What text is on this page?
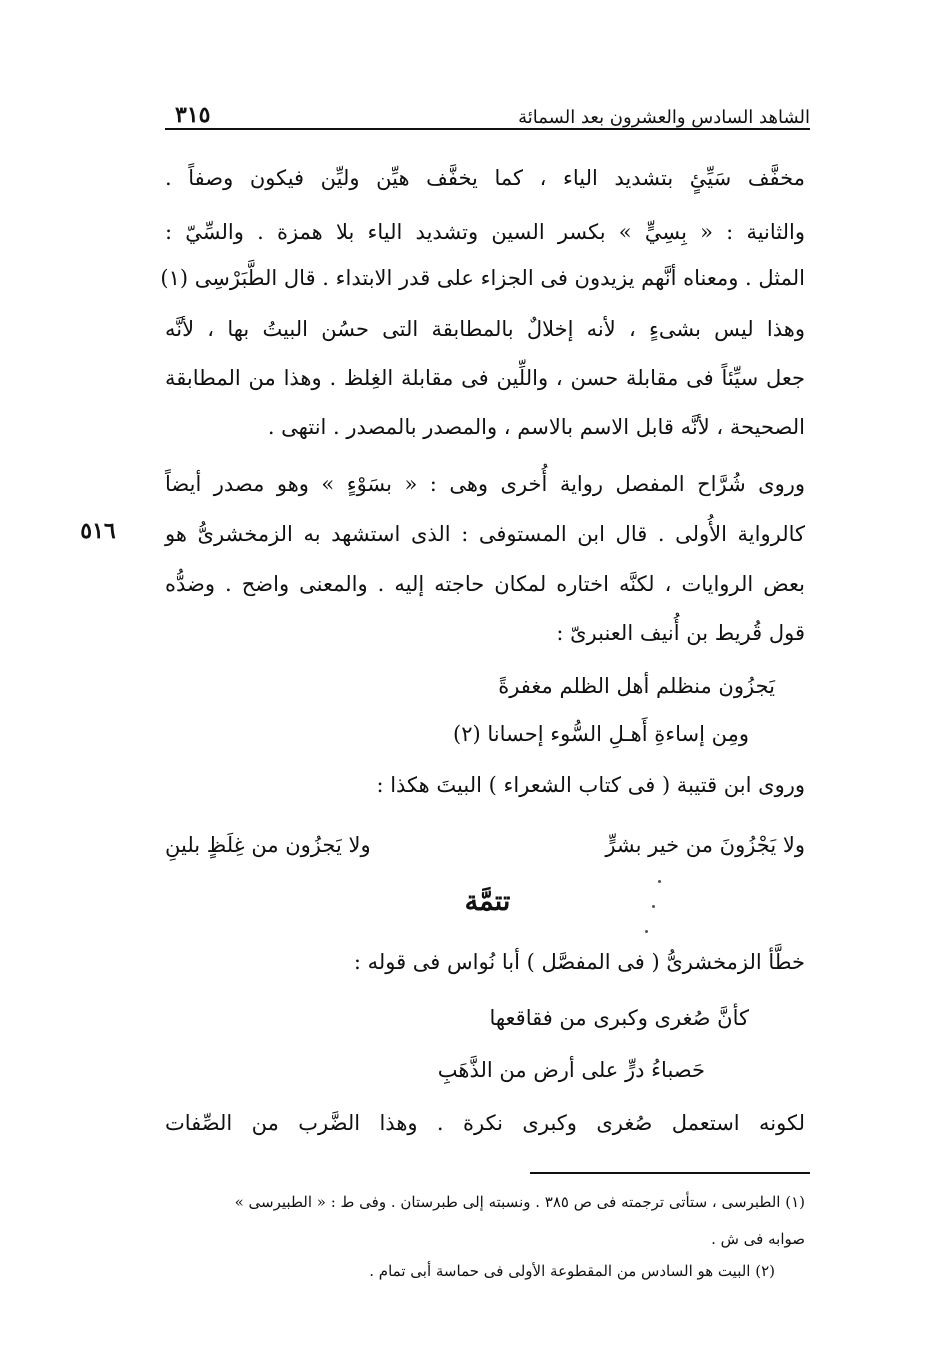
الشاهد السادس والعشرون بعد السمائة
٣١٥
٥١٦
مخفَّف سَيِّئٍ بتشديد الياء ، كما يخفَّف هيِّن وليِّن فيكون وصفاً .
والثانية : « بِسِيٍّ » بكسر السين وتشديد الياء بلا همزة . والسِّيّ :
المثل . ومعناه أنَّهم يزيدون فى الجزاء على قدر الابتداء . قال الطَّبَرْسِى (١)
وهذا ليس بشىءٍ ، لأنه إخلالٌ بالمطابقة التى حسُن البيتُ بها ، لأنَّه
جعل سيِّئاً فى مقابلة حسن ، واللِّين فى مقابلة الغِلظ . وهذا من المطابقة
الصحيحة ، لأنَّه قابل الاسم بالاسم ، والمصدر بالمصدر . انتهى .
وروى شُرَّاح المفصل رواية أُخرى وهى : « بسَوْءٍ » وهو مصدر أيضاً
كالرواية الأُولى . قال ابن المستوفى : الذى استشهد به الزمخشرىُّ هو
بعض الروايات ، لكنَّه اختاره لمكان حاجته إليه . والمعنى واضح . وضدُّه
قول قُريط بن أُنيف العنبرىّ :
يَجزُون منظلم أهل الظلم مغفرةً
ومِن إساءةِ أَهـلِ السُّوء إحسانا (٢)
وروى ابن قتيبة ( فى كتاب الشعراء ) البيتَ هكذا :
ولا يَجْزُونَ من خير بشرٍّ
ولا يَجزُون من غِلَظٍ بلينِ
تتمَّة
خطَّأ الزمخشرىُّ ( فى المفصَّل ) أبا نُواس فى قوله :
كأنَّ صُغرى وكبرى من فقاقعها
حَصباءُ درٍّ على أرض من الذَّهَبِ
لكونه استعمل صُغرى وكبرى نكرة . وهذا الضَّرب من الصِّفات
(١) الطبرسى ، ستأتى ترجمته فى ص ٣٨٥ . ونسبته إلى طبرستان . وفى ط : « الطبيرسى »
صوابه فى ش .
(٢) البيت هو السادس من المقطوعة الأولى فى حماسة أبى تمام .
